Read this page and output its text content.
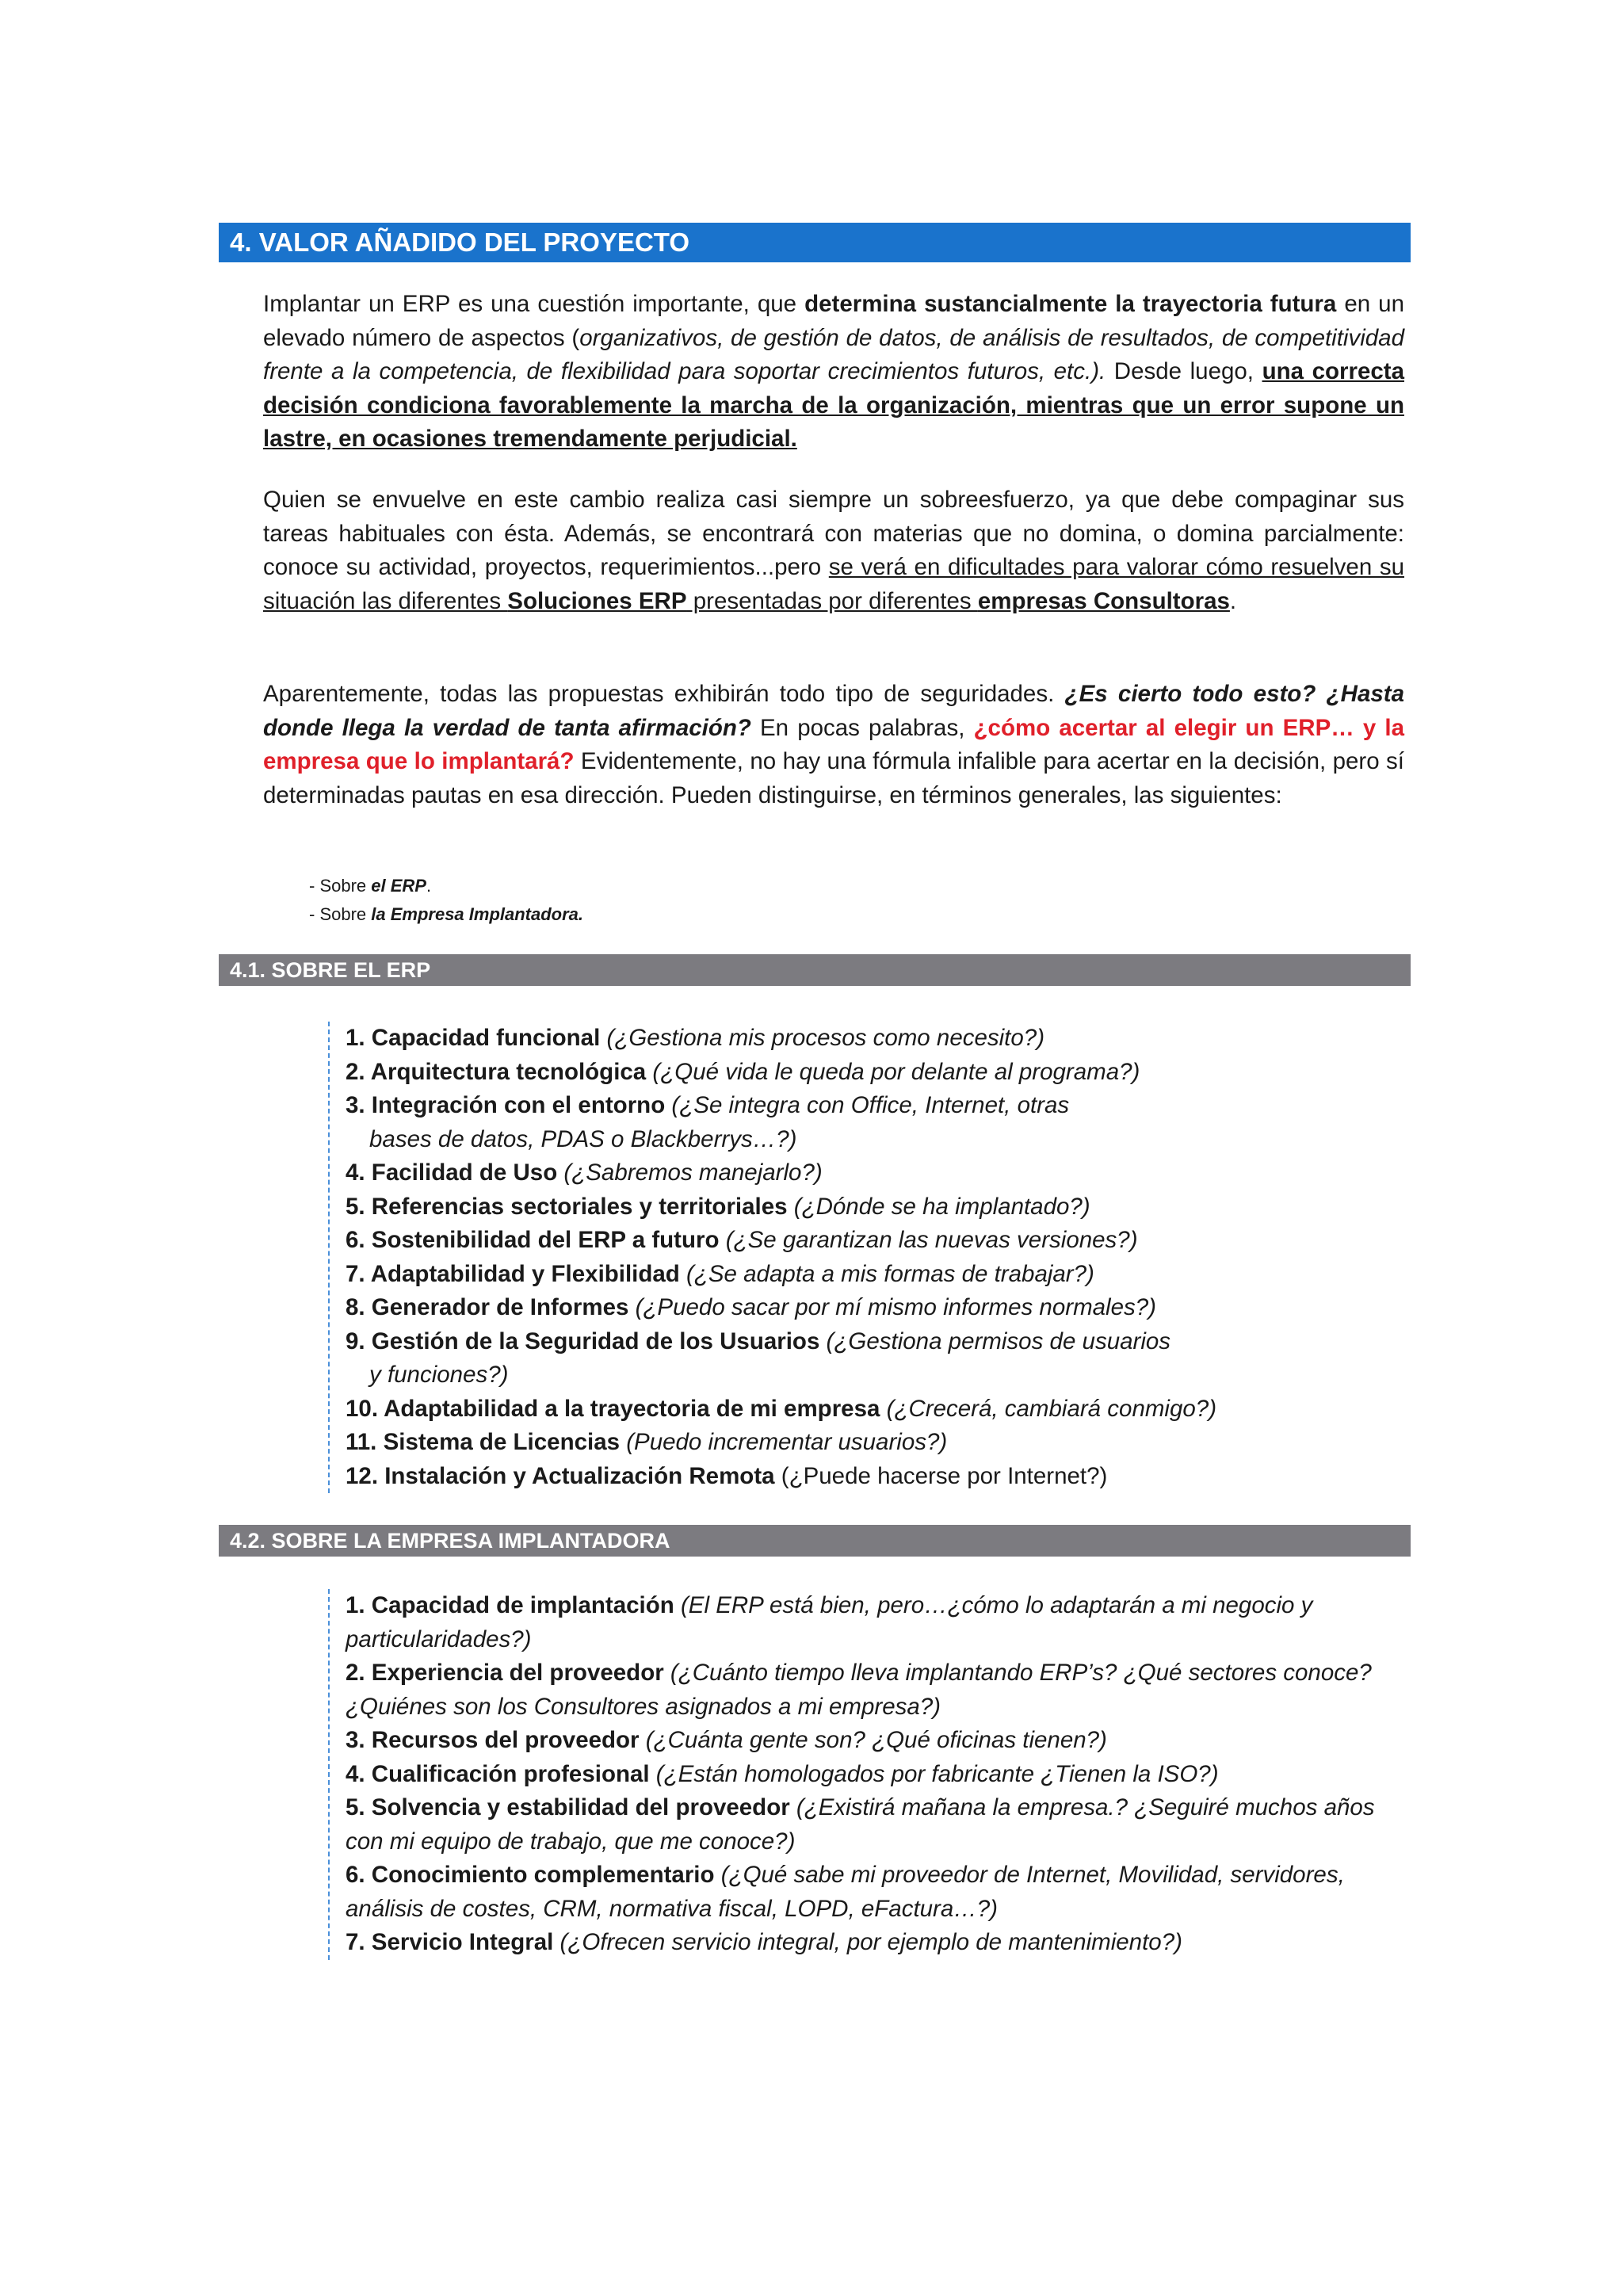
4. VALOR AÑADIDO DEL PROYECTO

Implantar un ERP es una cuestión importante, que determina sustancialmente la trayectoria futura en un elevado número de aspectos (organizativos, de gestión de datos, de análisis de resultados, de competitividad frente a la competencia, de flexibilidad para soportar crecimientos futuros, etc.). Desde luego, una correcta decisión condiciona favorablemente la marcha de la organización, mientras que un error supone un lastre, en ocasiones tremendamente perjudicial.

Quien se envuelve en este cambio realiza casi siempre un sobreesfuerzo, ya que debe compaginar sus tareas habituales con ésta. Además, se encontrará con materias que no domina, o domina parcialmente: conoce su actividad, proyectos, requerimientos...pero se verá en dificultades para valorar cómo resuelven su situación las diferentes Soluciones ERP presentadas por diferentes empresas Consultoras.

Aparentemente, todas las propuestas exhibirán todo tipo de seguridades. ¿Es cierto todo esto? ¿Hasta donde llega la verdad de tanta afirmación? En pocas palabras, ¿cómo acertar al elegir un ERP… y la empresa que lo implantará? Evidentemente, no hay una fórmula infalible para acertar en la decisión, pero sí determinadas pautas en esa dirección. Pueden distinguirse, en términos generales, las siguientes:

- Sobre el ERP.

- Sobre la Empresa Implantadora.

4.1. SOBRE EL ERP

1. Capacidad funcional (¿Gestiona mis procesos como necesito?)

2. Arquitectura tecnológica (¿Qué vida le queda por delante al programa?)

3. Integración con el entorno (¿Se integra con Office, Internet, otras

bases de datos, PDAS o Blackberrys…?)

4. Facilidad de Uso (¿Sabremos manejarlo?)

5. Referencias sectoriales y territoriales (¿Dónde se ha implantado?)

6. Sostenibilidad del ERP a futuro (¿Se garantizan las nuevas versiones?)

7. Adaptabilidad y Flexibilidad (¿Se adapta a mis formas de trabajar?)

8. Generador de Informes (¿Puedo sacar por mí mismo informes normales?)

9. Gestión de la Seguridad de los Usuarios (¿Gestiona permisos de usuarios

y funciones?)

10. Adaptabilidad a la trayectoria de mi empresa (¿Crecerá, cambiará conmigo?)

11. Sistema de Licencias (Puedo incrementar usuarios?)

12. Instalación y Actualización Remota (¿Puede hacerse por Internet?)

4.2. SOBRE LA EMPRESA IMPLANTADORA

1. Capacidad de implantación (El ERP está bien, pero…¿cómo lo adaptarán a mi negocio y particularidades?)

2. Experiencia del proveedor (¿Cuánto tiempo lleva implantando ERP’s? ¿Qué sectores conoce? ¿Quiénes son los Consultores asignados a mi empresa?)

3. Recursos del proveedor (¿Cuánta gente son? ¿Qué oficinas tienen?)

4. Cualificación profesional (¿Están homologados por fabricante ¿Tienen la ISO?)

5. Solvencia y estabilidad del proveedor (¿Existirá mañana la empresa.? ¿Seguiré muchos años con mi equipo de trabajo, que me conoce?)

6. Conocimiento complementario (¿Qué sabe mi proveedor de Internet, Movilidad, servidores, análisis de costes, CRM, normativa fiscal, LOPD, eFactura…?)

7. Servicio Integral (¿Ofrecen servicio integral, por ejemplo de mantenimiento?)
